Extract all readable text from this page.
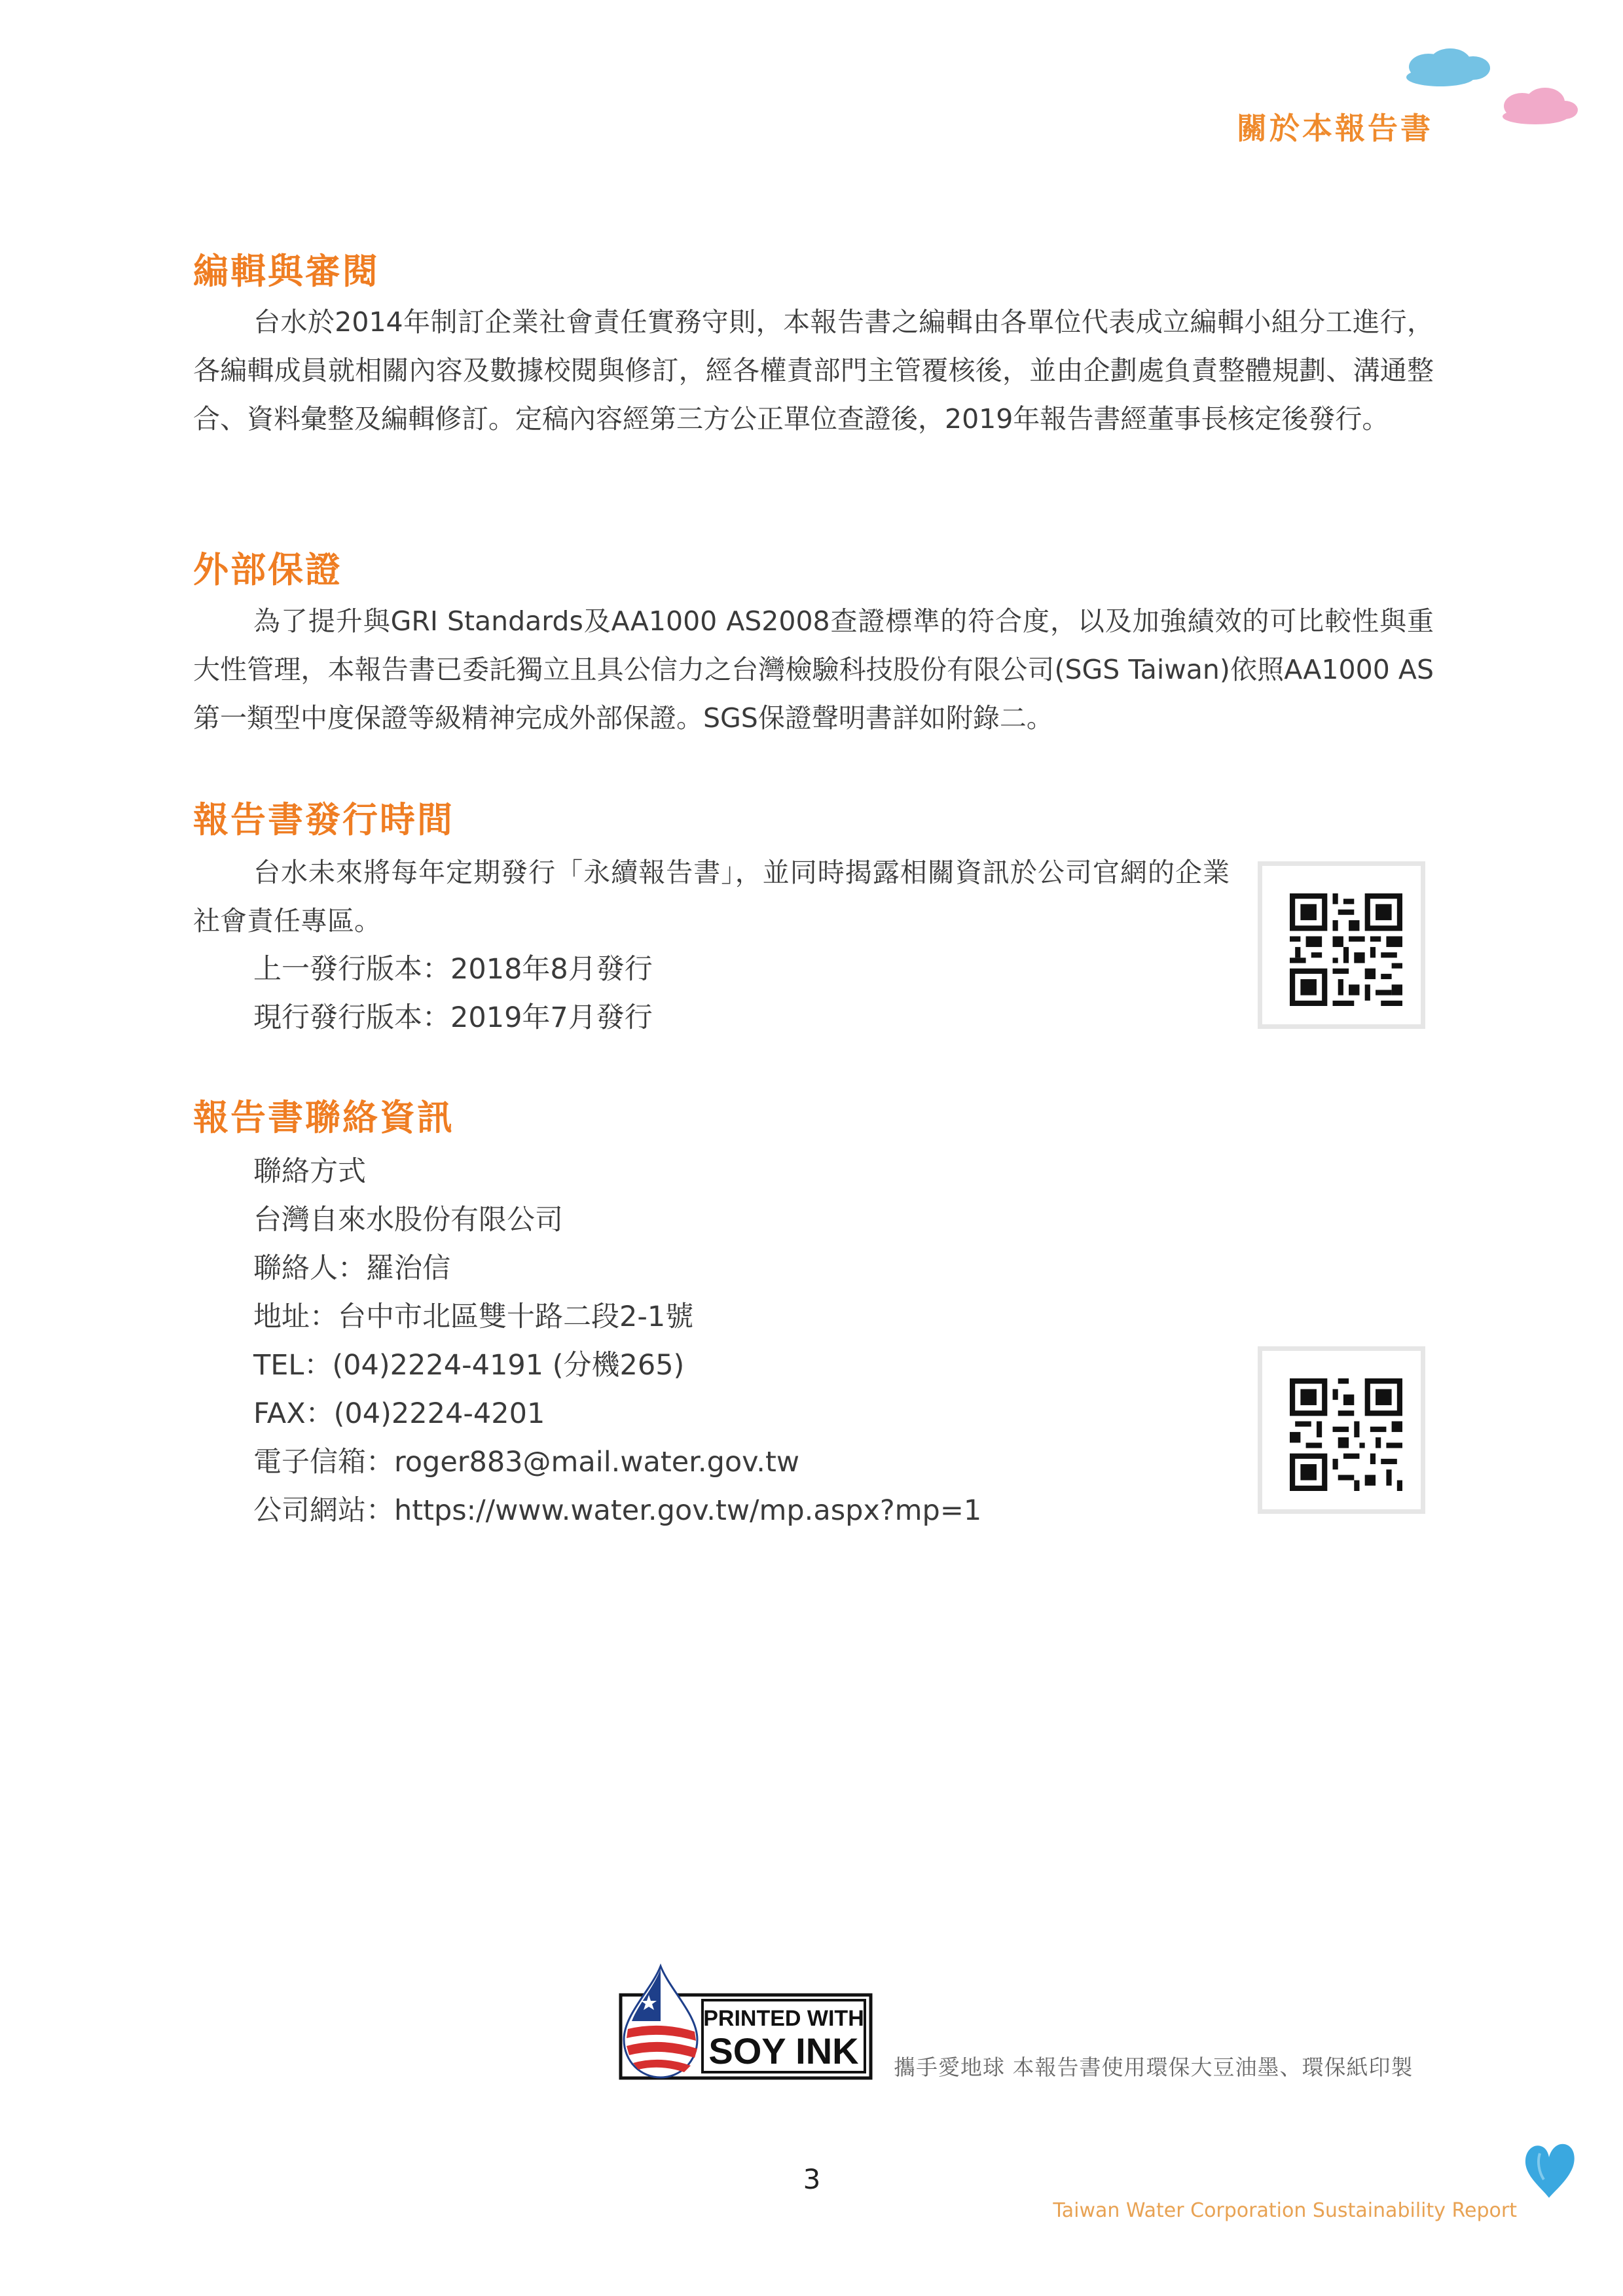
關於本報告書
編輯與審閱
台水於2014年制訂企業社會責任實務守則，本報告書之編輯由各單位代表成立編輯小組分工進行，各編輯成員就相關內容及數據校閱與修訂，經各權責部門主管覆核後，並由企劃處負責整體規劃、溝通整合、資料彙整及編輯修訂。定稿內容經第三方公正單位查證後，2019年報告書經董事長核定後發行。
外部保證
為了提升與GRI Standards及AA1000 AS2008查證標準的符合度，以及加強績效的可比較性與重大性管理，本報告書已委託獨立且具公信力之台灣檢驗科技股份有限公司(SGS Taiwan)依照AA1000 AS第一類型中度保證等級精神完成外部保證。SGS保證聲明書詳如附錄二。
報告書發行時間
台水未來將每年定期發行「永續報告書」，並同時揭露相關資訊於公司官網的企業社會責任專區。
上一發行版本：2018年8月發行
現行發行版本：2019年7月發行
報告書聯絡資訊
聯絡方式
台灣自來水股份有限公司
聯絡人：羅治信
地址：台中市北區雙十路二段2-1號
TEL：(04)2224-4191 (分機265)
FAX：(04)2224-4201
電子信箱：roger883@mail.water.gov.tw
公司網站：https://www.water.gov.tw/mp.aspx?mp=1
PRINTED WITH
SOY INK 攜手愛地球 本報告書使用環保大豆油墨、環保紙印製
3
Taiwan Water Corporation Sustainability Report
